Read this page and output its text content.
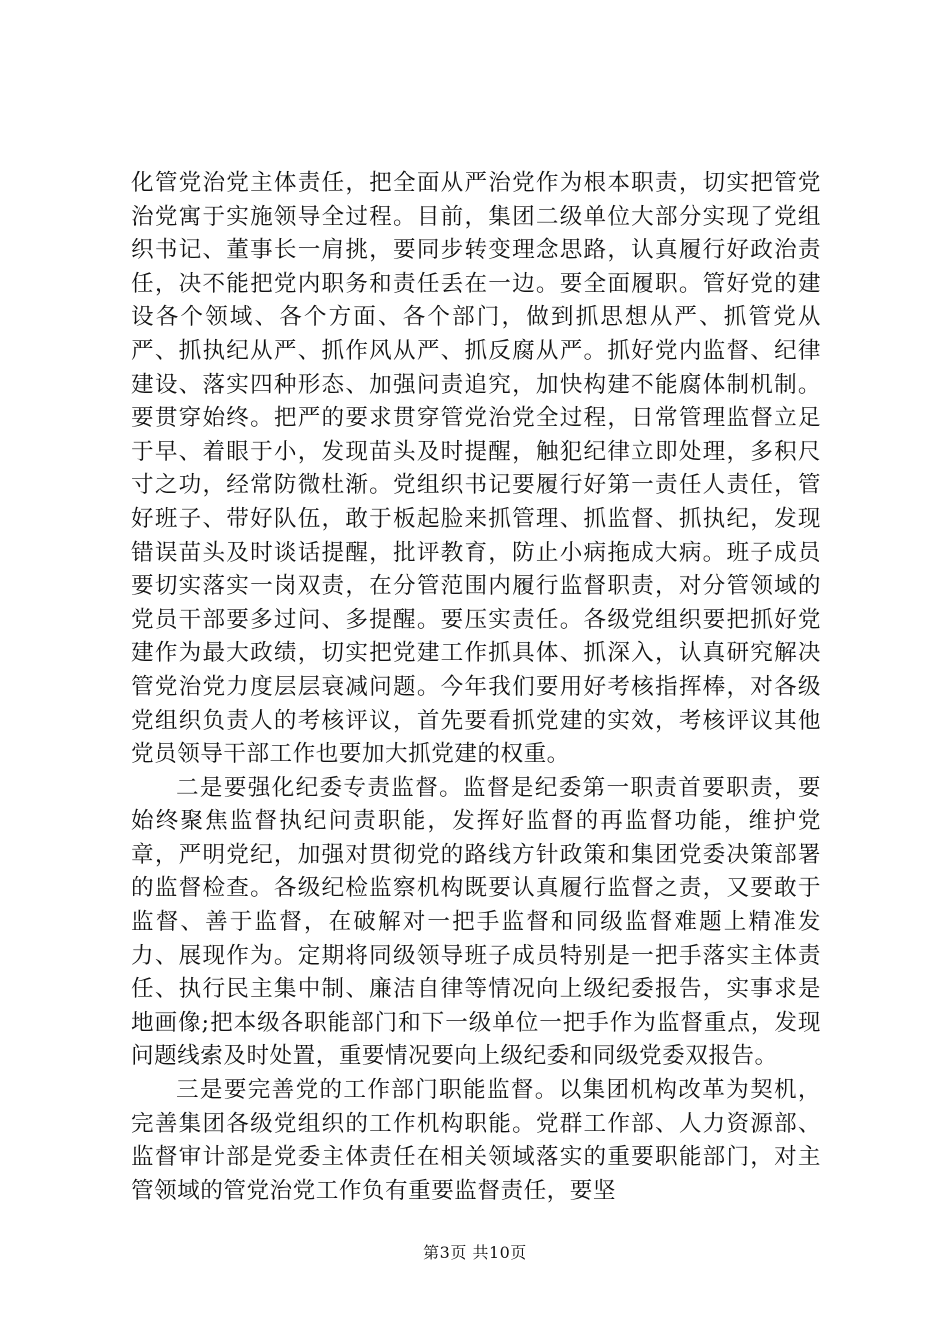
化管党治党主体责任，把全面从严治党作为根本职责，切实把管党治党寓于实施领导全过程。目前，集团二级单位大部分实现了党组织书记、董事长一肩挑，要同步转变理念思路，认真履行好政治责任，决不能把党内职务和责任丢在一边。要全面履职。管好党的建设各个领域、各个方面、各个部门，做到抓思想从严、抓管党从严、抓执纪从严、抓作风从严、抓反腐从严。抓好党内监督、纪律建设、落实四种形态、加强问责追究，加快构建不能腐体制机制。要贯穿始终。把严的要求贯穿管党治党全过程，日常管理监督立足于早、着眼于小，发现苗头及时提醒，触犯纪律立即处理，多积尺寸之功，经常防微杜渐。党组织书记要履行好第一责任人责任，管好班子、带好队伍，敢于板起脸来抓管理、抓监督、抓执纪，发现错误苗头及时谈话提醒，批评教育，防止小病拖成大病。班子成员要切实落实一岗双责，在分管范围内履行监督职责，对分管领域的党员干部要多过问、多提醒。要压实责任。各级党组织要把抓好党建作为最大政绩，切实把党建工作抓具体、抓深入，认真研究解决管党治党力度层层衰减问题。今年我们要用好考核指挥棒，对各级党组织负责人的考核评议，首先要看抓党建的实效，考核评议其他党员领导干部工作也要加大抓党建的权重。

二是要强化纪委专责监督。监督是纪委第一职责首要职责，要始终聚焦监督执纪问责职能，发挥好监督的再监督功能，维护党章，严明党纪，加强对贯彻党的路线方针政策和集团党委决策部署的监督检查。各级纪检监察机构既要认真履行监督之责，又要敢于监督、善于监督，在破解对一把手监督和同级监督难题上精准发力、展现作为。定期将同级领导班子成员特别是一把手落实主体责任、执行民主集中制、廉洁自律等情况向上级纪委报告，实事求是地画像;把本级各职能部门和下一级单位一把手作为监督重点，发现问题线索及时处置，重要情况要向上级纪委和同级党委双报告。

三是要完善党的工作部门职能监督。以集团机构改革为契机，完善集团各级党组织的工作机构职能。党群工作部、人力资源部、监督审计部是党委主体责任在相关领域落实的重要职能部门，对主管领域的管党治党工作负有重要监督责任，要坚

第3页 共10页
